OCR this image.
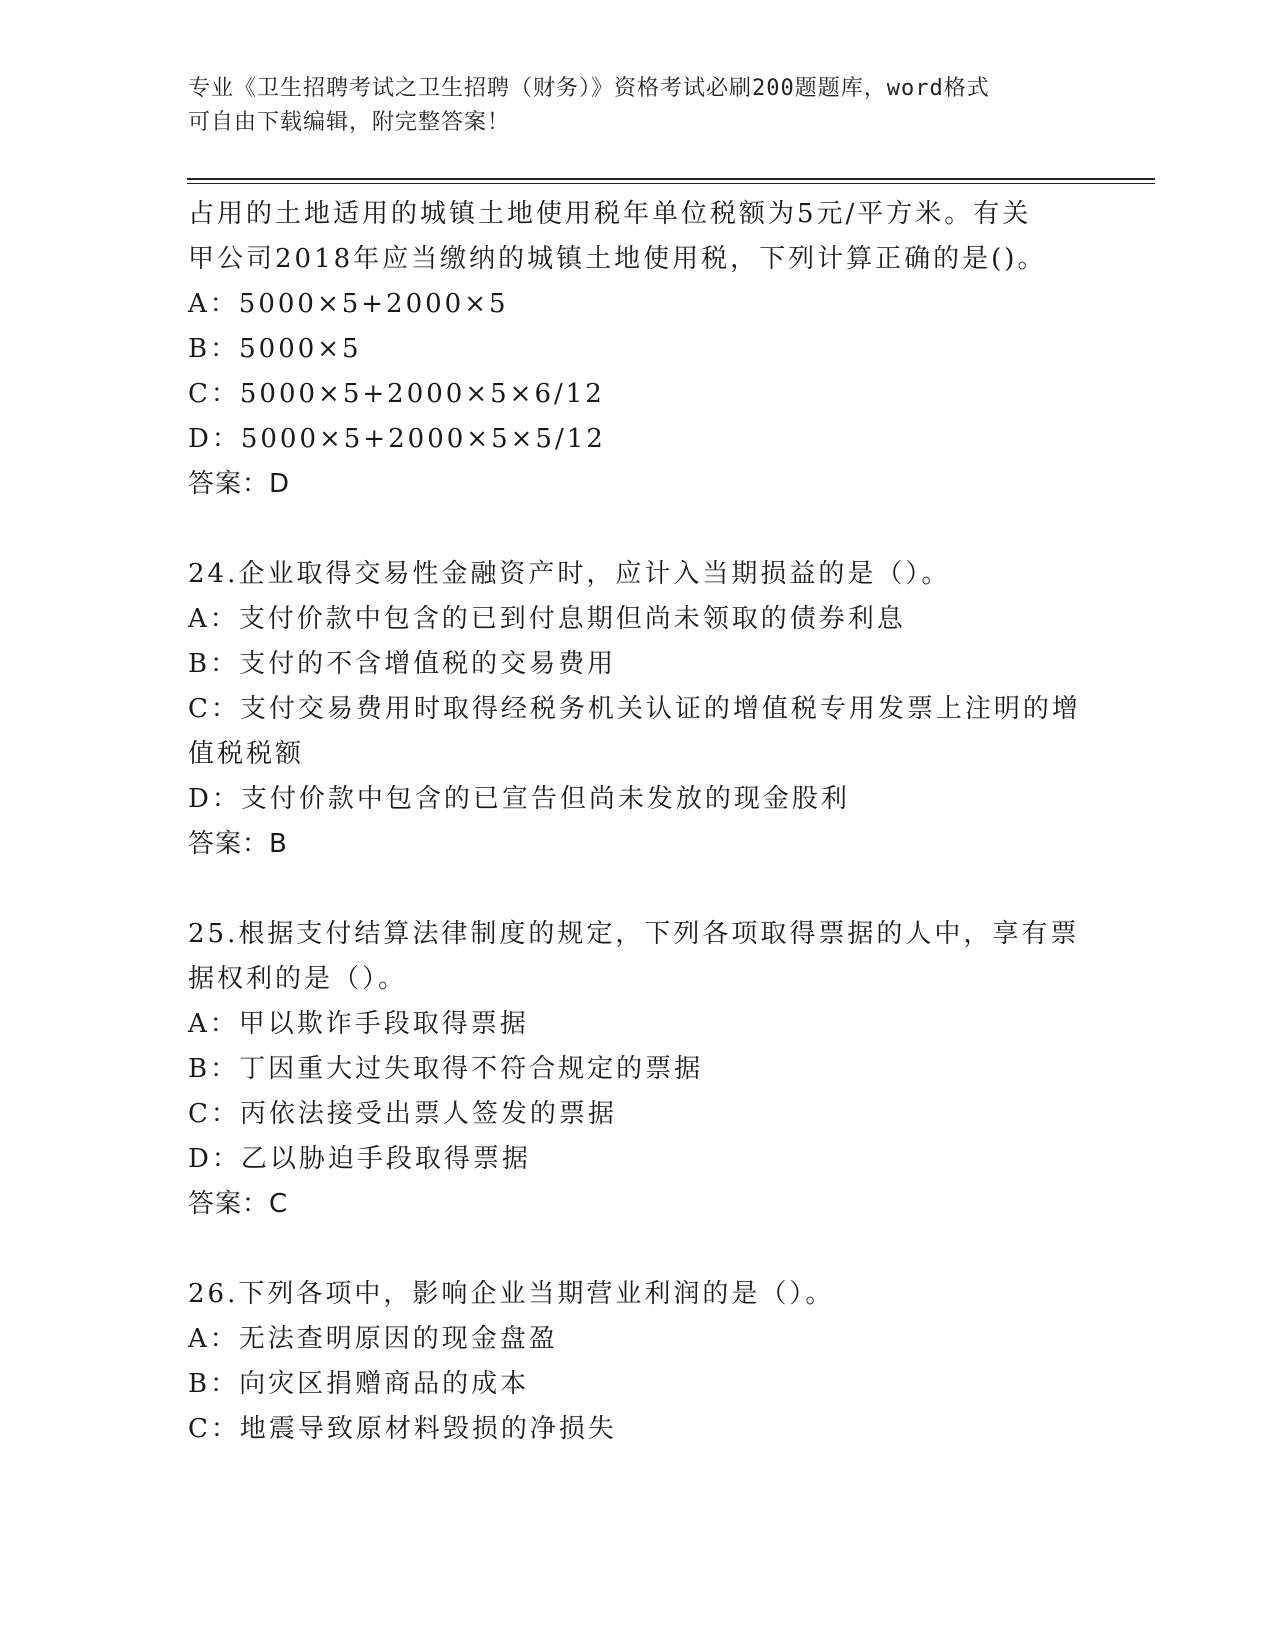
专业《卫生招聘考试之卫生招聘（财务）》资格考试必刷200题题库，word格式
可自由下载编辑，附完整答案！
占用的土地适用的城镇土地使用税年单位税额为5元/平方米。有关
甲公司2018年应当缴纳的城镇土地使用税，下列计算正确的是()。
A：5000×5+2000×5
B：5000×5
C：5000×5+2000×5×6/12
D：5000×5+2000×5×5/12
答案：D
24.企业取得交易性金融资产时，应计入当期损益的是（）。
A：支付价款中包含的已到付息期但尚未领取的债券利息
B：支付的不含增值税的交易费用
C：支付交易费用时取得经税务机关认证的增值税专用发票上注明的增
值税税额
D：支付价款中包含的已宣告但尚未发放的现金股利
答案：B
25.根据支付结算法律制度的规定，下列各项取得票据的人中，享有票
据权利的是（）。
A：甲以欺诈手段取得票据
B：丁因重大过失取得不符合规定的票据
C：丙依法接受出票人签发的票据
D：乙以胁迫手段取得票据
答案：C
26.下列各项中，影响企业当期营业利润的是（）。
A：无法查明原因的现金盘盈
B：向灾区捐赠商品的成本
C：地震导致原材料毁损的净损失
